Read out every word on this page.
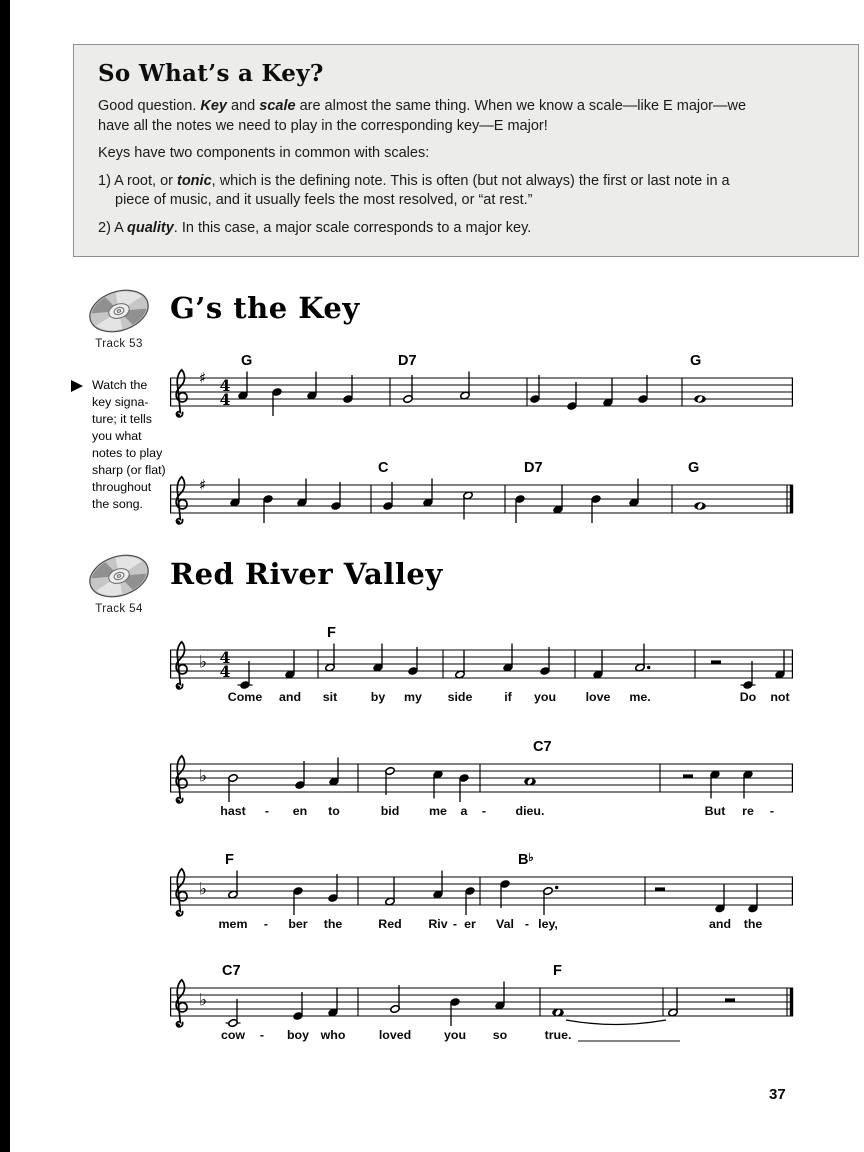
So What’s a Key?
Good question. Key and scale are almost the same thing. When we know a scale—like E major—we
have all the notes we need to play in the corresponding key—E major!
Keys have two components in common with scales:
1) A root, or tonic, which is the defining note. This is often (but not always) the first or last note in a
piece of music, and it usually feels the most resolved, or “at rest.”
2) A quality. In this case, a major scale corresponds to a major key.
Track 53
G’s the Key
Watch the
key signa-
ture; it tells
you what
notes to play
sharp (or flat)
throughout
the song.
Track 54
Red River Valley
♯ 4
4
G	D7	G
♯
C	D7	G
♭ 4
4
F
Come and sit	by my side	if you love me.	Do not
♭
C7
hast	en to	bid me a	dieu.	But re
-	-	-
♭
F	B♭
mem	ber the	Red Riv er Val ley,	and the
-	-	-
♭
C7	F
cow	boy who	loved	you so	true.
-
37
